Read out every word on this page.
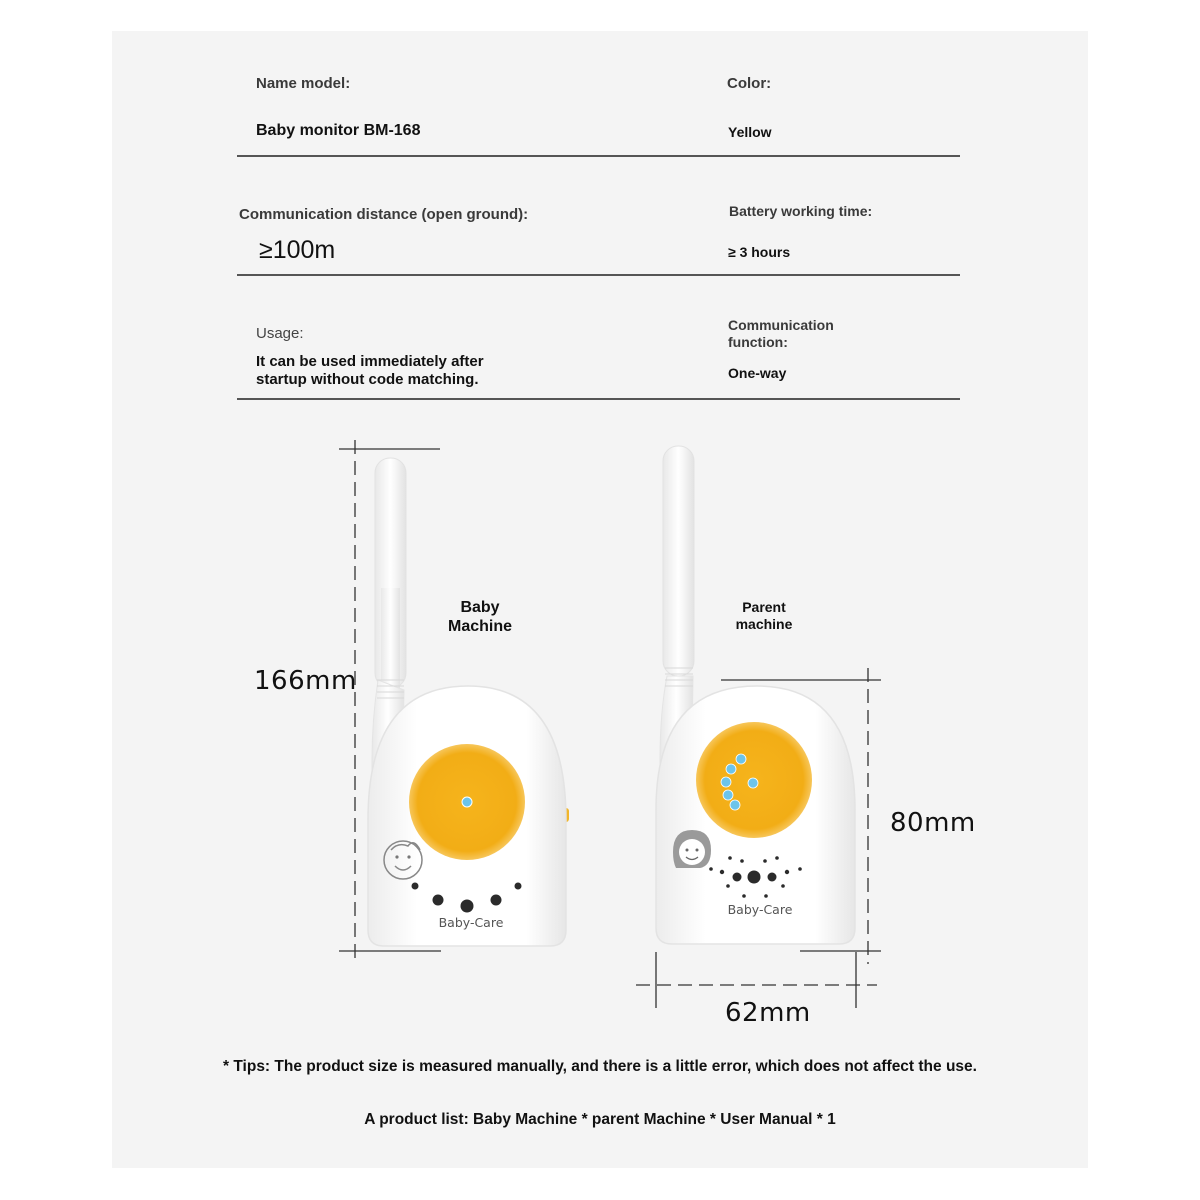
Name model:
Baby monitor BM-168
Color:
Yellow
Communication distance (open ground):
≥100m
Battery working time:
≥ 3 hours
Usage:
It can be used immediately after
startup without code matching.
Communication
function:
One-way
Baby-Care
Baby-Care
Baby
Machine
Parent
machine
166mm
80mm
62mm
* Tips: The product size is measured manually, and there is a little error, which does not affect the use.
A product list: Baby Machine * parent Machine * User Manual * 1
